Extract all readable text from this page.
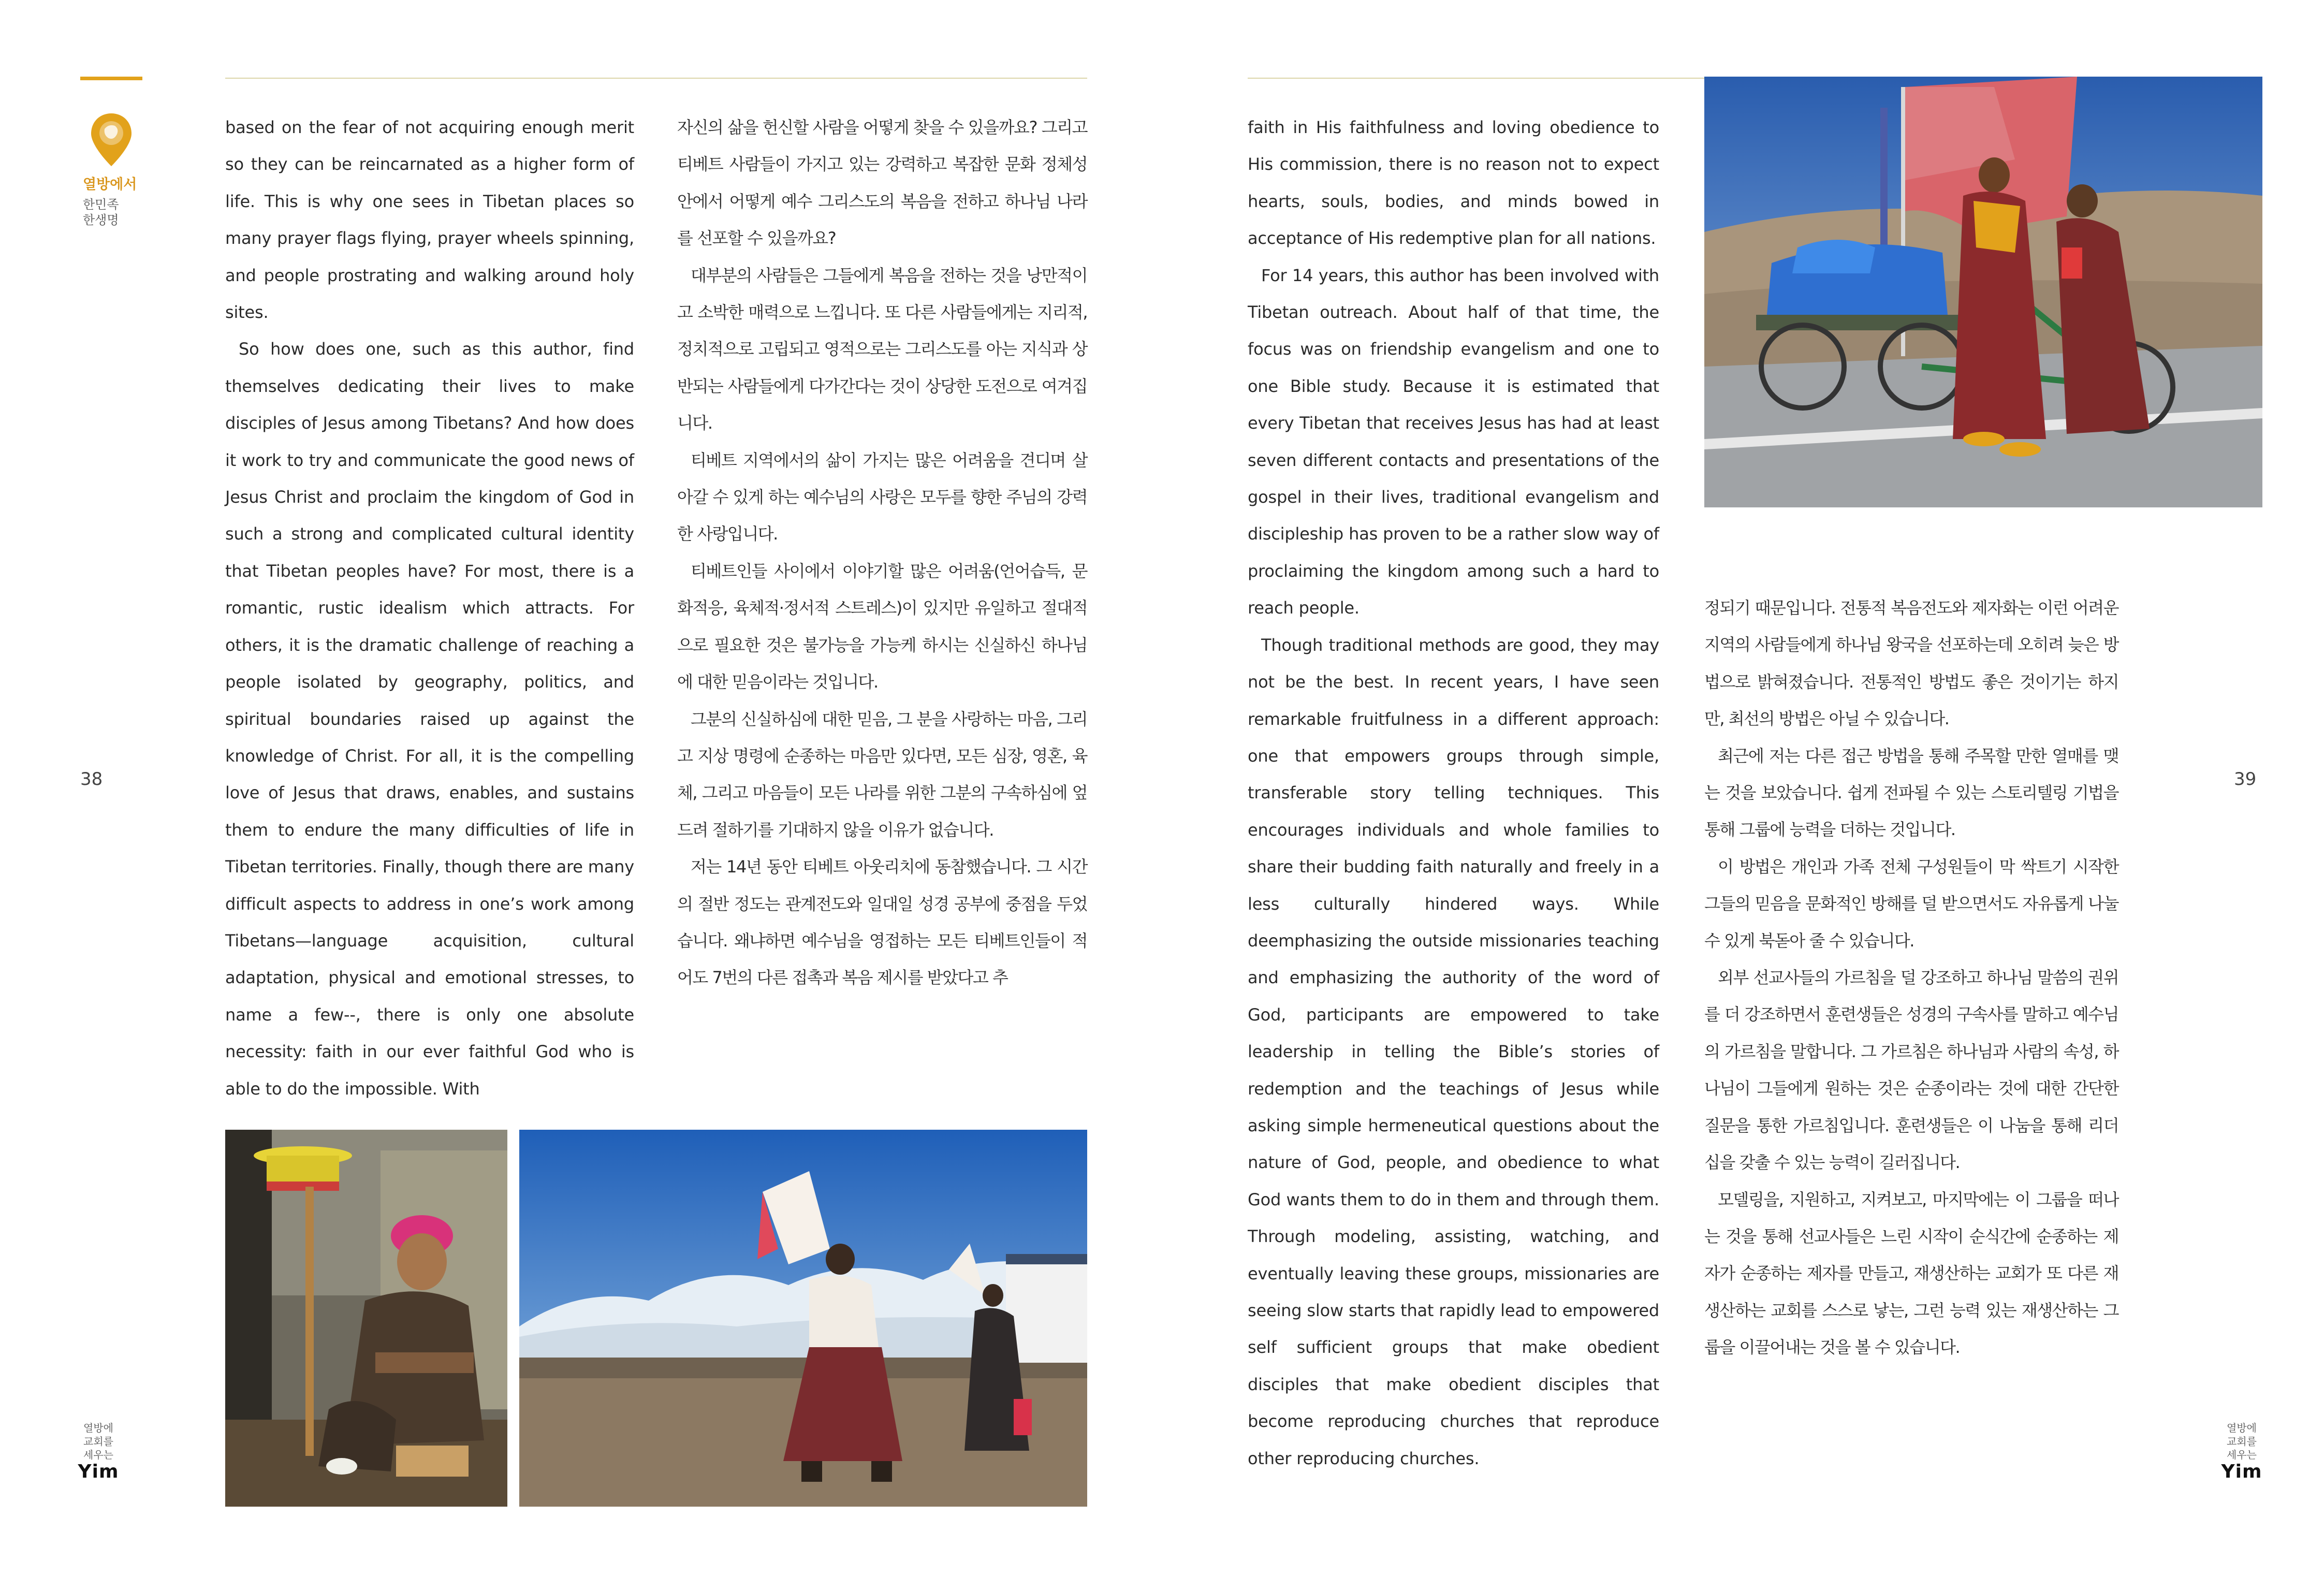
열방에서
한민족
한생명
38

based on the fear of not acquiring enough merit so they can be reincarnated as a higher form of life. This is why one sees in Tibetan places so many prayer flags flying, prayer wheels spinning, and people prostrating and walking around holy sites.

So how does one, such as this author, find themselves dedicating their lives to make disciples of Jesus among Tibetans? And how does it work to try and communicate the good news of Jesus Christ and proclaim the kingdom of God in such a strong and complicated cultural identity that Tibetan peoples have? For most, there is a romantic, rustic idealism which attracts. For others, it is the dramatic challenge of reaching a people isolated by geography, politics, and spiritual boundaries raised up against the knowledge of Christ. For all, it is the compelling love of Jesus that draws, enables, and sustains them to endure the many difficulties of life in Tibetan territories. Finally, though there are many difficult aspects to address in one’s work among Tibetans—language acquisition, cultural adaptation, physical and emotional stresses, to name a few--, there is only one absolute necessity: faith in our ever faithful God who is able to do the impossible. With

자신의 삶을 헌신할 사람을 어떻게 찾을 수 있을까요? 그리고 티베트 사람들이 가지고 있는 강력하고 복잡한 문화 정체성 안에서 어떻게 예수 그리스도의 복음을 전하고 하나님 나라를 선포할 수 있을까요?

대부분의 사람들은 그들에게 복음을 전하는 것을 낭만적이고 소박한 매력으로 느낍니다. 또 다른 사람들에게는 지리적, 정치적으로 고립되고 영적으로는 그리스도를 아는 지식과 상반되는 사람들에게 다가간다는 것이 상당한 도전으로 여겨집니다.

티베트 지역에서의 삶이 가지는 많은 어려움을 견디며 살아갈 수 있게 하는 예수님의 사랑은 모두를 향한 주님의 강력한 사랑입니다.

티베트인들 사이에서 이야기할 많은 어려움(언어습득, 문화적응, 육체적·정서적 스트레스)이 있지만 유일하고 절대적으로 필요한 것은 불가능을 가능케 하시는 신실하신 하나님에 대한 믿음이라는 것입니다.

그분의 신실하심에 대한 믿음, 그 분을 사랑하는 마음, 그리고 지상 명령에 순종하는 마음만 있다면, 모든 심장, 영혼, 육체, 그리고 마음들이 모든 나라를 위한 그분의 구속하심에 엎드려 절하기를 기대하지 않을 이유가 없습니다.

저는 14년 동안 티베트 아웃리치에 동참했습니다. 그 시간의 절반 정도는 관계전도와 일대일 성경 공부에 중점을 두었습니다. 왜냐하면 예수님을 영접하는 모든 티베트인들이 적어도 7번의 다른 접촉과 복음 제시를 받았다고 추

열방에
교회를
세우는
Yim

faith in His faithfulness and loving obedience to His commission, there is no reason not to expect hearts, souls, bodies, and minds bowed in acceptance of His redemptive plan for all nations.

For 14 years, this author has been involved with Tibetan outreach. About half of that time, the focus was on friendship evangelism and one to one Bible study. Because it is estimated that every Tibetan that receives Jesus has had at least seven different contacts and presentations of the gospel in their lives, traditional evangelism and discipleship has proven to be a rather slow way of proclaiming the kingdom among such a hard to reach people.

Though traditional methods are good, they may not be the best. In recent years, I have seen remarkable fruitfulness in a different approach: one that empowers groups through simple, transferable story telling techniques. This encourages individuals and whole families to share their budding faith naturally and freely in a less culturally hindered ways. While deemphasizing the outside missionaries teaching and emphasizing the authority of the word of God, participants are empowered to take leadership in telling the Bible’s stories of redemption and the teachings of Jesus while asking simple hermeneutical questions about the nature of God, people, and obedience to what God wants them to do in them and through them. Through modeling, assisting, watching, and eventually leaving these groups, missionaries are seeing slow starts that rapidly lead to empowered self sufficient groups that make obedient disciples that make obedient disciples that become reproducing churches that reproduce other reproducing churches.

정되기 때문입니다. 전통적 복음전도와 제자화는 이런 어려운 지역의 사람들에게 하나님 왕국을 선포하는데 오히려 늦은 방법으로 밝혀졌습니다. 전통적인 방법도 좋은 것이기는 하지만, 최선의 방법은 아닐 수 있습니다.

최근에 저는 다른 접근 방법을 통해 주목할 만한 열매를 맺는 것을 보았습니다. 쉽게 전파될 수 있는 스토리텔링 기법을 통해 그룹에 능력을 더하는 것입니다.

이 방법은 개인과 가족 전체 구성원들이 막 싹트기 시작한 그들의 믿음을 문화적인 방해를 덜 받으면서도 자유롭게 나눌 수 있게 북돋아 줄 수 있습니다.

외부 선교사들의 가르침을 덜 강조하고 하나님 말씀의 권위를 더 강조하면서 훈련생들은 성경의 구속사를 말하고 예수님의 가르침을 말합니다. 그 가르침은 하나님과 사람의 속성, 하나님이 그들에게 원하는 것은 순종이라는 것에 대한 간단한 질문을 통한 가르침입니다. 훈련생들은 이 나눔을 통해 리더십을 갖출 수 있는 능력이 길러집니다.

모델링을, 지원하고, 지켜보고, 마지막에는 이 그룹을 떠나는 것을 통해 선교사들은 느린 시작이 순식간에 순종하는 제자가 순종하는 제자를 만들고, 재생산하는 교회가 또 다른 재생산하는 교회를 스스로 낳는, 그런 능력 있는 재생산하는 그룹을 이끌어내는 것을 볼 수 있습니다.

39
열방에
교회를
세우는
Yim
